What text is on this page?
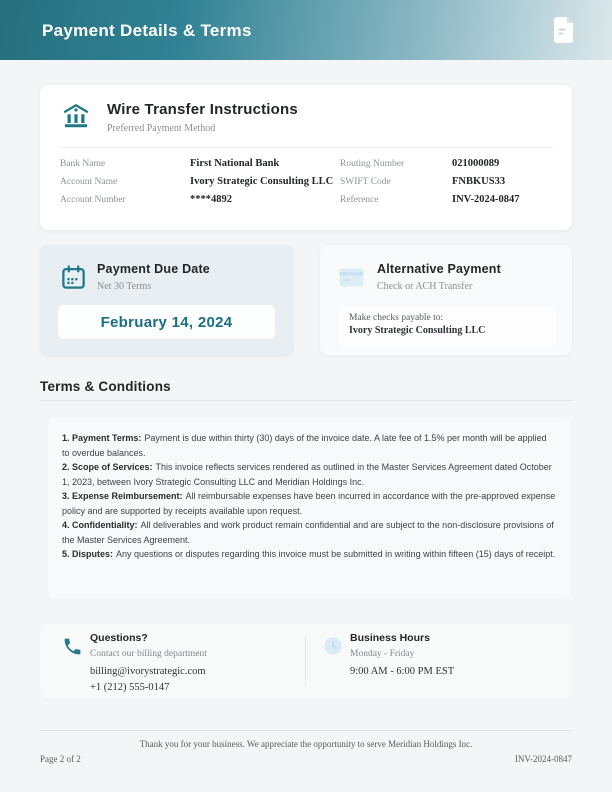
Payment Details & Terms
Wire Transfer Instructions
Preferred Payment Method
Bank Name	First National Bank
Account Name	Ivory Strategic Consulting LLC
Account Number	****4892
Routing Number	021000089
SWIFT Code	FNBKUS33
Reference	INV-2024-0847
Payment Due Date
Net 30 Terms
February 14, 2024
Alternative Payment
Check or ACH Transfer
Make checks payable to:
Ivory Strategic Consulting LLC
Terms & Conditions

1. Payment Terms: Payment is due within thirty (30) days of the invoice date. A late fee of 1.5% per month will be applied to overdue balances.

2. Scope of Services: This invoice reflects services rendered as outlined in the Master Services Agreement dated October 1, 2023, between Ivory Strategic Consulting LLC and Meridian Holdings Inc.

3. Expense Reimbursement: All reimbursable expenses have been incurred in accordance with the pre-approved expense policy and are supported by receipts available upon request.

4. Confidentiality: All deliverables and work product remain confidential and are subject to the non-disclosure provisions of the Master Services Agreement.

5. Disputes: Any questions or disputes regarding this invoice must be submitted in writing within fifteen (15) days of receipt.

Questions?
Contact our billing department
billing@ivorystrategic.com
+1 (212) 555-0147
Business Hours
Monday - Friday
9:00 AM - 6:00 PM EST
Thank you for your business. We appreciate the opportunity to serve Meridian Holdings Inc.
Page 2 of 2	INV-2024-0847
